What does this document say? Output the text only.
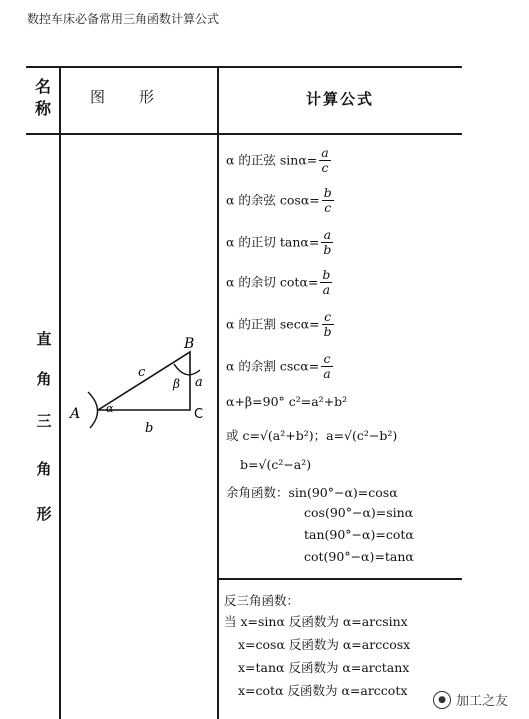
数控车床必备常用三角函数计算公式
名
称
图形	计算公式
直
角
三
角
形
A
B
C
a
b
c
α
β
α 的正弦 $\sin\alpha= \frac{a}{c}$
α 的余弦 $\cos\alpha= \frac{b}{c}$
α 的正切 $\tan\alpha= \frac{a}{b}$
α 的余切 $\cot\alpha= \frac{b}{a}$
α 的正割 $\sec\alpha= \frac{c}{b}$
α 的余割 $\csc\alpha= \frac{c}{a}$
α+β=90° c²=a²+b²
或 c=√(a²+b²)；a=√(c²−b²)
b=√(c²−a²)
余角函数：sin(90°−α)=cosα
cos(90°−α)=sinα
tan(90°−α)=cotα
cot(90°−α)=tanα
反三角函数：
当 x=sinα 反函数为 α=arcsinx
x=cosα 反函数为 α=arccosx
x=tanα 反函数为 α=arctanx
x=cotα 反函数为 α=arccotx
● 加工之友
